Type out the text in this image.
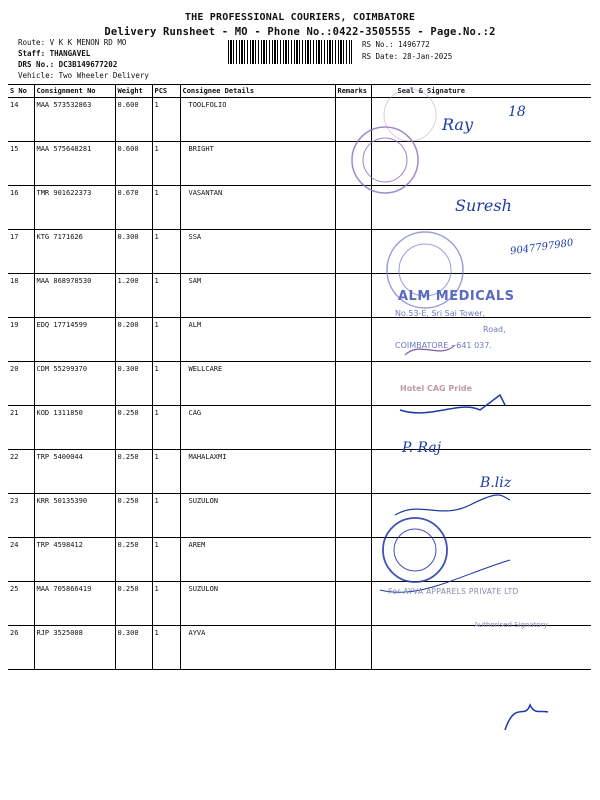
THE PROFESSIONAL COURIERS, COIMBATORE
Delivery Runsheet - MO - Phone No.:0422-3505555 - Page.No.:2
Route: V K K MENON RD MO
Staff: THANGAVEL
DRS No.: DC3B149677202
Vehicle: Two Wheeler Delivery
RS No.: 1496772
RS Date: 28-Jan-2025
S No	Consignment No	Weight	PCS	Consignee Details	Remarks	Seal & Signature
14	MAA 573532863	0.600	1	TOOLFOLIO		
15	MAA 575648281	0.600	1	BRIGHT		
16	TMR 901622373	0.670	1	VASANTAN		
17	KTG 7171626	0.300	1	SSA		
18	MAA 868978530	1.200	1	SAM		
19	EDQ 17714599	0.200	1	ALM		
20	CDM 55299370	0.300	1	WELLCARE		
21	KOD 1311850	0.250	1	CAG		
22	TRP 5400044	0.250	1	MAHALAXMI		
23	KRR 50135390	0.250	1	SUZULON		
24	TRP 4598412	0.250	1	AREM		
25	MAA 705866419	0.250	1	SUZULON		
26	RJP 3525008	0.300	1	AYVA		
Ray
18
Suresh
9047797980
P. Raj
B.liz
ALM MEDICALS
No.53-E, Sri Sai Tower,
Road,
COIMBATORE - 641 037.
Hotel CAG Pride
For AYVA APPARELS PRIVATE LTD
Authorised Signatory
